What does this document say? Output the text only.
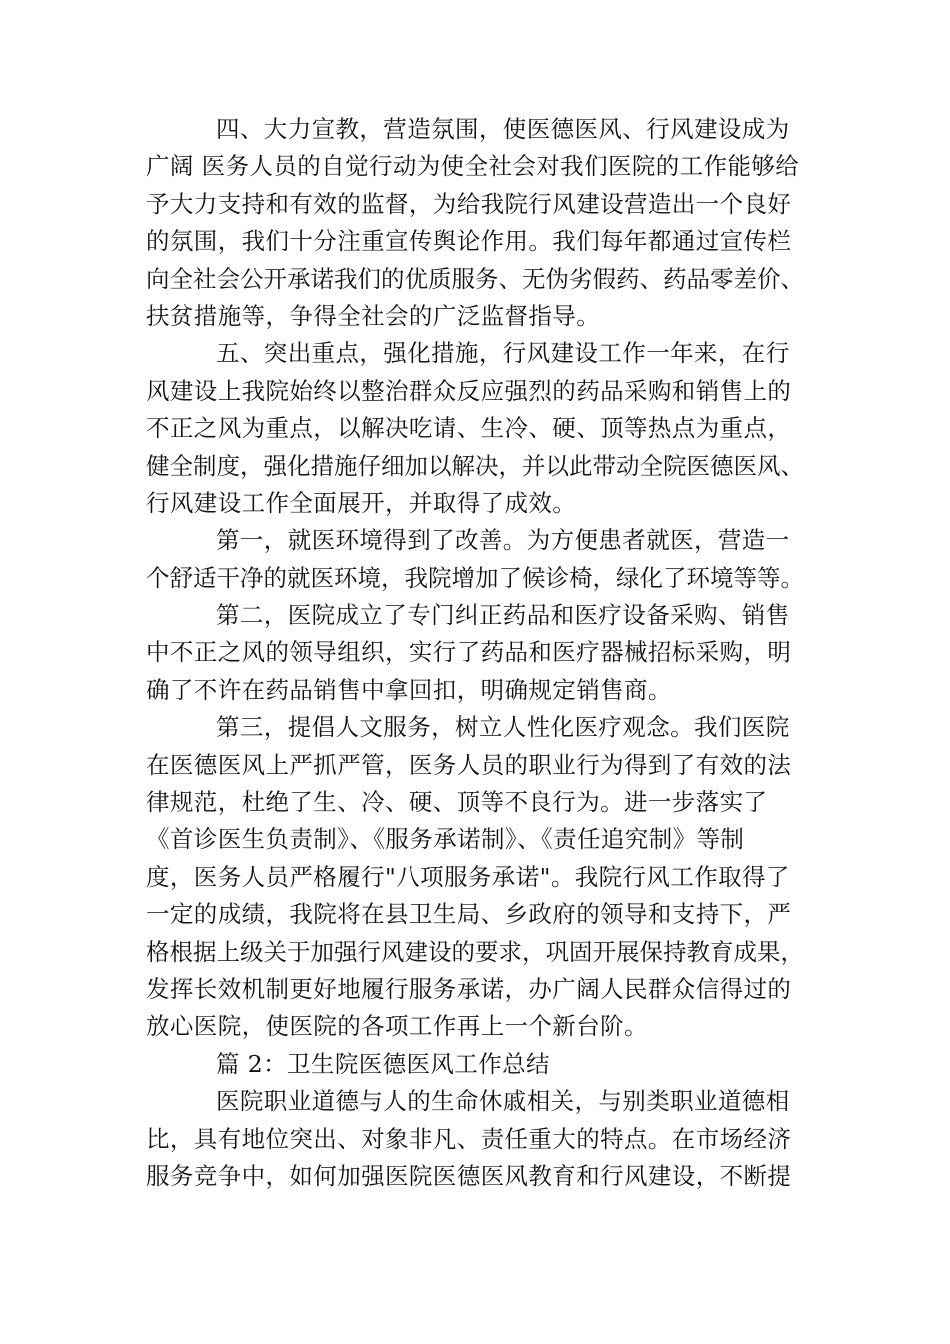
四、大力宣教，营造氛围，使医德医风、行风建设成为
广阔 医务人员的自觉行动为使全社会对我们医院的工作能够给
予大力支持和有效的监督，为给我院行风建设营造出一个良好
的氛围，我们十分注重宣传舆论作用。我们每年都通过宣传栏
向全社会公开承诺我们的优质服务、无伪劣假药、药品零差价、
扶贫措施等，争得全社会的广泛监督指导。
五、突出重点，强化措施，行风建设工作一年来，在行
风建设上我院始终以整治群众反应强烈的药品采购和销售上的
不正之风为重点，以解决吃请、生冷、硬、顶等热点为重点，
健全制度，强化措施仔细加以解决，并以此带动全院医德医风、
行风建设工作全面展开，并取得了成效。
第一，就医环境得到了改善。为方便患者就医，营造一
个舒适干净的就医环境，我院增加了候诊椅，绿化了环境等等。
第二，医院成立了专门纠正药品和医疗设备采购、销售
中不正之风的领导组织，实行了药品和医疗器械招标采购，明
确了不许在药品销售中拿回扣，明确规定销售商。
第三，提倡人文服务，树立人性化医疗观念。我们医院
在医德医风上严抓严管，医务人员的职业行为得到了有效的法
律规范，杜绝了生、冷、硬、顶等不良行为。进一步落实了
《首诊医生负责制》、《服务承诺制》、《责任追究制》等制
度，医务人员严格履行"八项服务承诺"。我院行风工作取得了
一定的成绩，我院将在县卫生局、乡政府的领导和支持下，严
格根据上级关于加强行风建设的要求，巩固开展保持教育成果，
发挥长效机制更好地履行服务承诺，办广阔人民群众信得过的
放心医院，使医院的各项工作再上一个新台阶。
篇 2：卫生院医德医风工作总结
医院职业道德与人的生命休戚相关，与别类职业道德相
比，具有地位突出、对象非凡、责任重大的特点。在市场经济
服务竞争中，如何加强医院医德医风教育和行风建设，不断提
